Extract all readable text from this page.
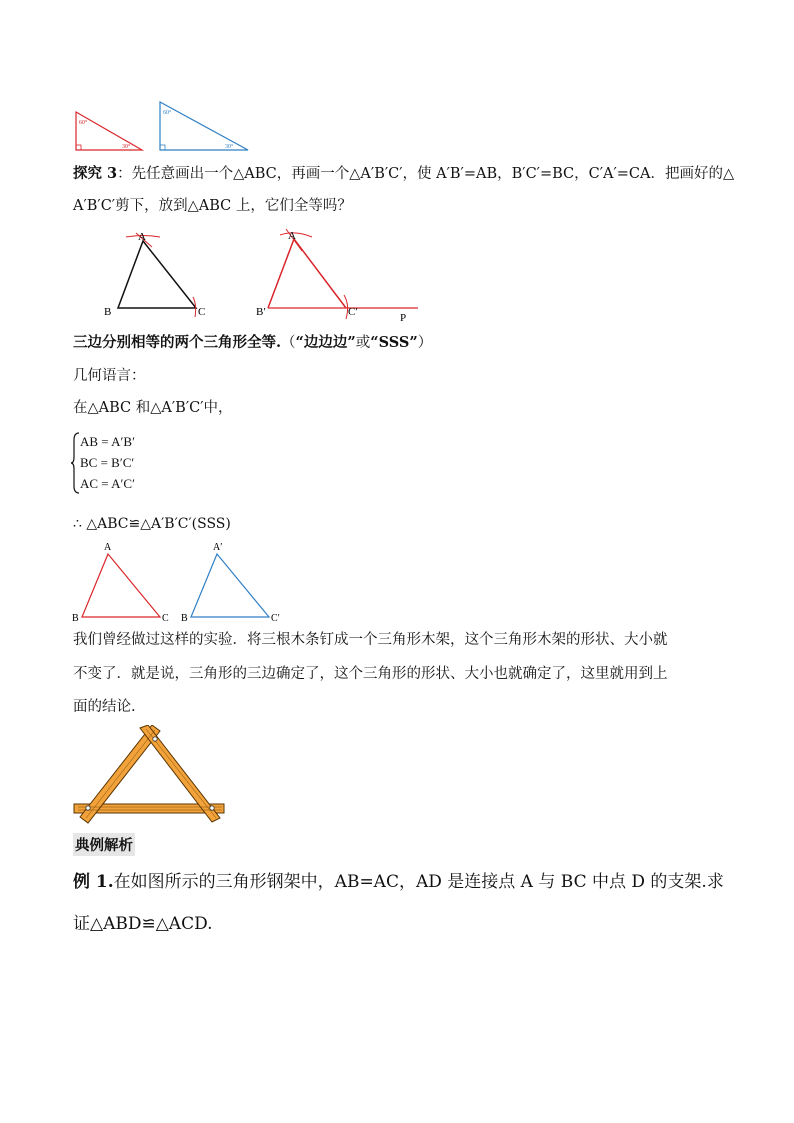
60°
30°
60°
30°
探究 3：先任意画出一个△ABC，再画一个△A′B′C′，使 A′B′=AB，B′C′=BC，C′A′=CA．把画好的△
A′B′C′剪下，放到△ABC 上，它们全等吗？
A
B	C
A
B′	C′	P
三边分别相等的两个三角形全等.（“边边边”或“SSS”）
几何语言：
在△ABC 和△A′B′C′中，
AB = A′B′
BC = B′C′
AC = A′C′
∴ △ABC≌△A′B′C′(SSS)
A
B	C
A′
B	C′
我们曾经做过这样的实验．将三根木条钉成一个三角形木架，这个三角形木架的形状、大小就
不变了．就是说，三角形的三边确定了，这个三角形的形状、大小也就确定了，这里就用到上
面的结论.
典例解析
例 1.在如图所示的三角形钢架中，AB=AC，AD 是连接点 A 与 BC 中点 D 的支架.求
证△ABD≌△ACD.
